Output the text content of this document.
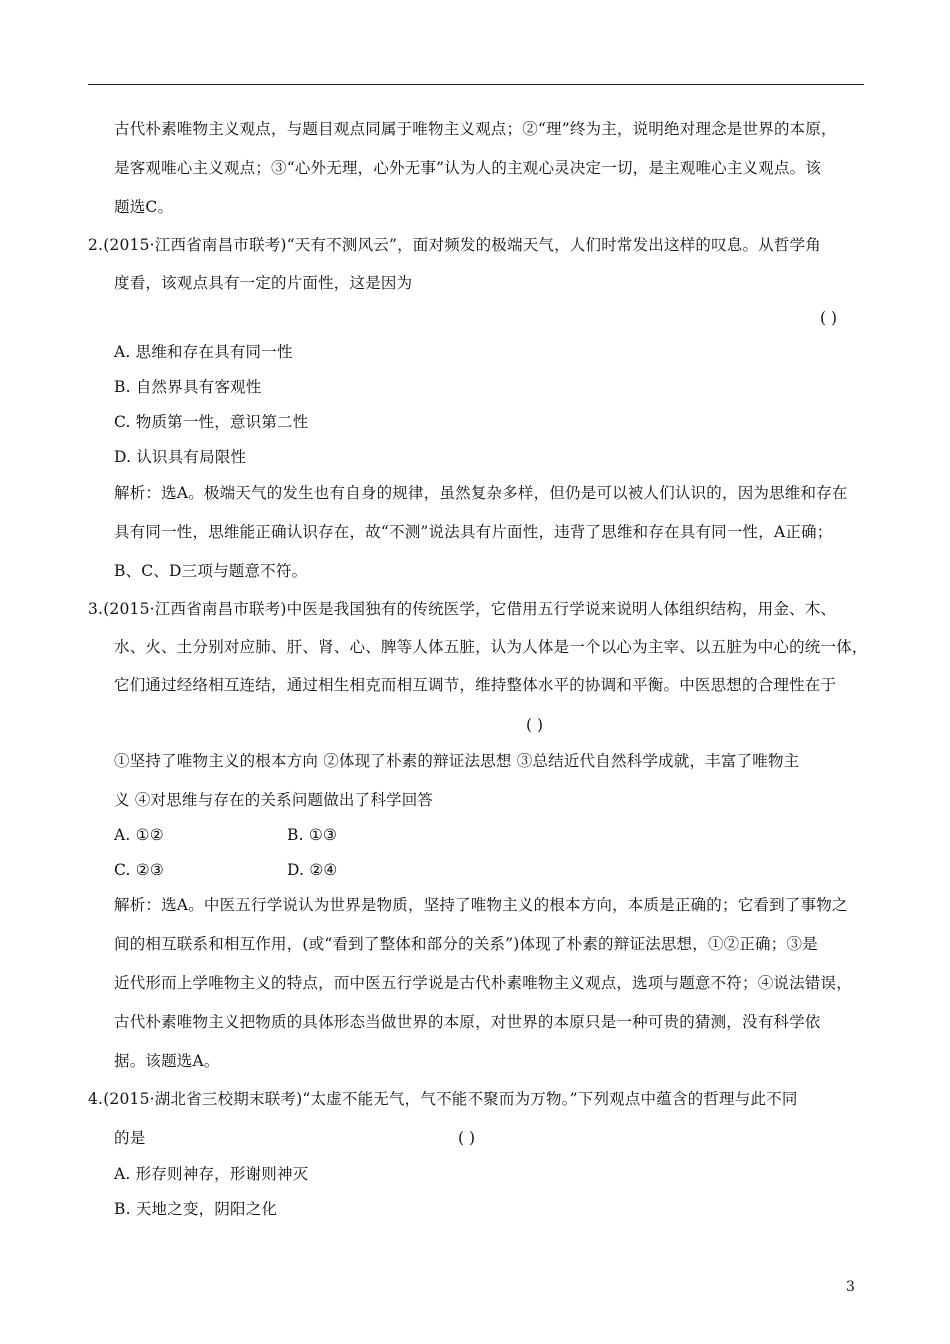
古代朴素唯物主义观点，与题目观点同属于唯物主义观点；②“理”终为主，说明绝对理念是世界的本原，
是客观唯心主义观点；③“心外无理，心外无事”认为人的主观心灵决定一切，是主观唯心主义观点。该
题选C。
2.(2015·江西省南昌市联考)“天有不测风云”，面对频发的极端天气，人们时常发出这样的叹息。从哲学角
度看，该观点具有一定的片面性，这是因为
( )
A. 思维和存在具有同一性
B. 自然界具有客观性
C. 物质第一性，意识第二性
D. 认识具有局限性
解析：选A。极端天气的发生也有自身的规律，虽然复杂多样，但仍是可以被人们认识的，因为思维和存在
具有同一性，思维能正确认识存在，故“不测”说法具有片面性，违背了思维和存在具有同一性，A正确；
B、C、D三项与题意不符。
3.(2015·江西省南昌市联考)中医是我国独有的传统医学，它借用五行学说来说明人体组织结构，用金、木、
水、火、土分别对应肺、肝、肾、心、脾等人体五脏，认为人体是一个以心为主宰、以五脏为中心的统一体，
它们通过经络相互连结，通过相生相克而相互调节，维持整体水平的协调和平衡。中医思想的合理性在于
( )
①坚持了唯物主义的根本方向 ②体现了朴素的辩证法思想 ③总结近代自然科学成就，丰富了唯物主
义 ④对思维与存在的关系问题做出了科学回答
A. ①②	B. ①③
C. ②③	D. ②④
解析：选A。中医五行学说认为世界是物质，坚持了唯物主义的根本方向，本质是正确的；它看到了事物之
间的相互联系和相互作用，(或“看到了整体和部分的关系”)体现了朴素的辩证法思想，①②正确；③是
近代形而上学唯物主义的特点，而中医五行学说是古代朴素唯物主义观点，选项与题意不符；④说法错误，
古代朴素唯物主义把物质的具体形态当做世界的本原，对世界的本原只是一种可贵的猜测，没有科学依
据。该题选A。
4.(2015·湖北省三校期末联考)“太虚不能无气，气不能不聚而为万物。”下列观点中蕴含的哲理与此不同
的是	( )
A. 形存则神存，形谢则神灭
B. 天地之变，阴阳之化
3
